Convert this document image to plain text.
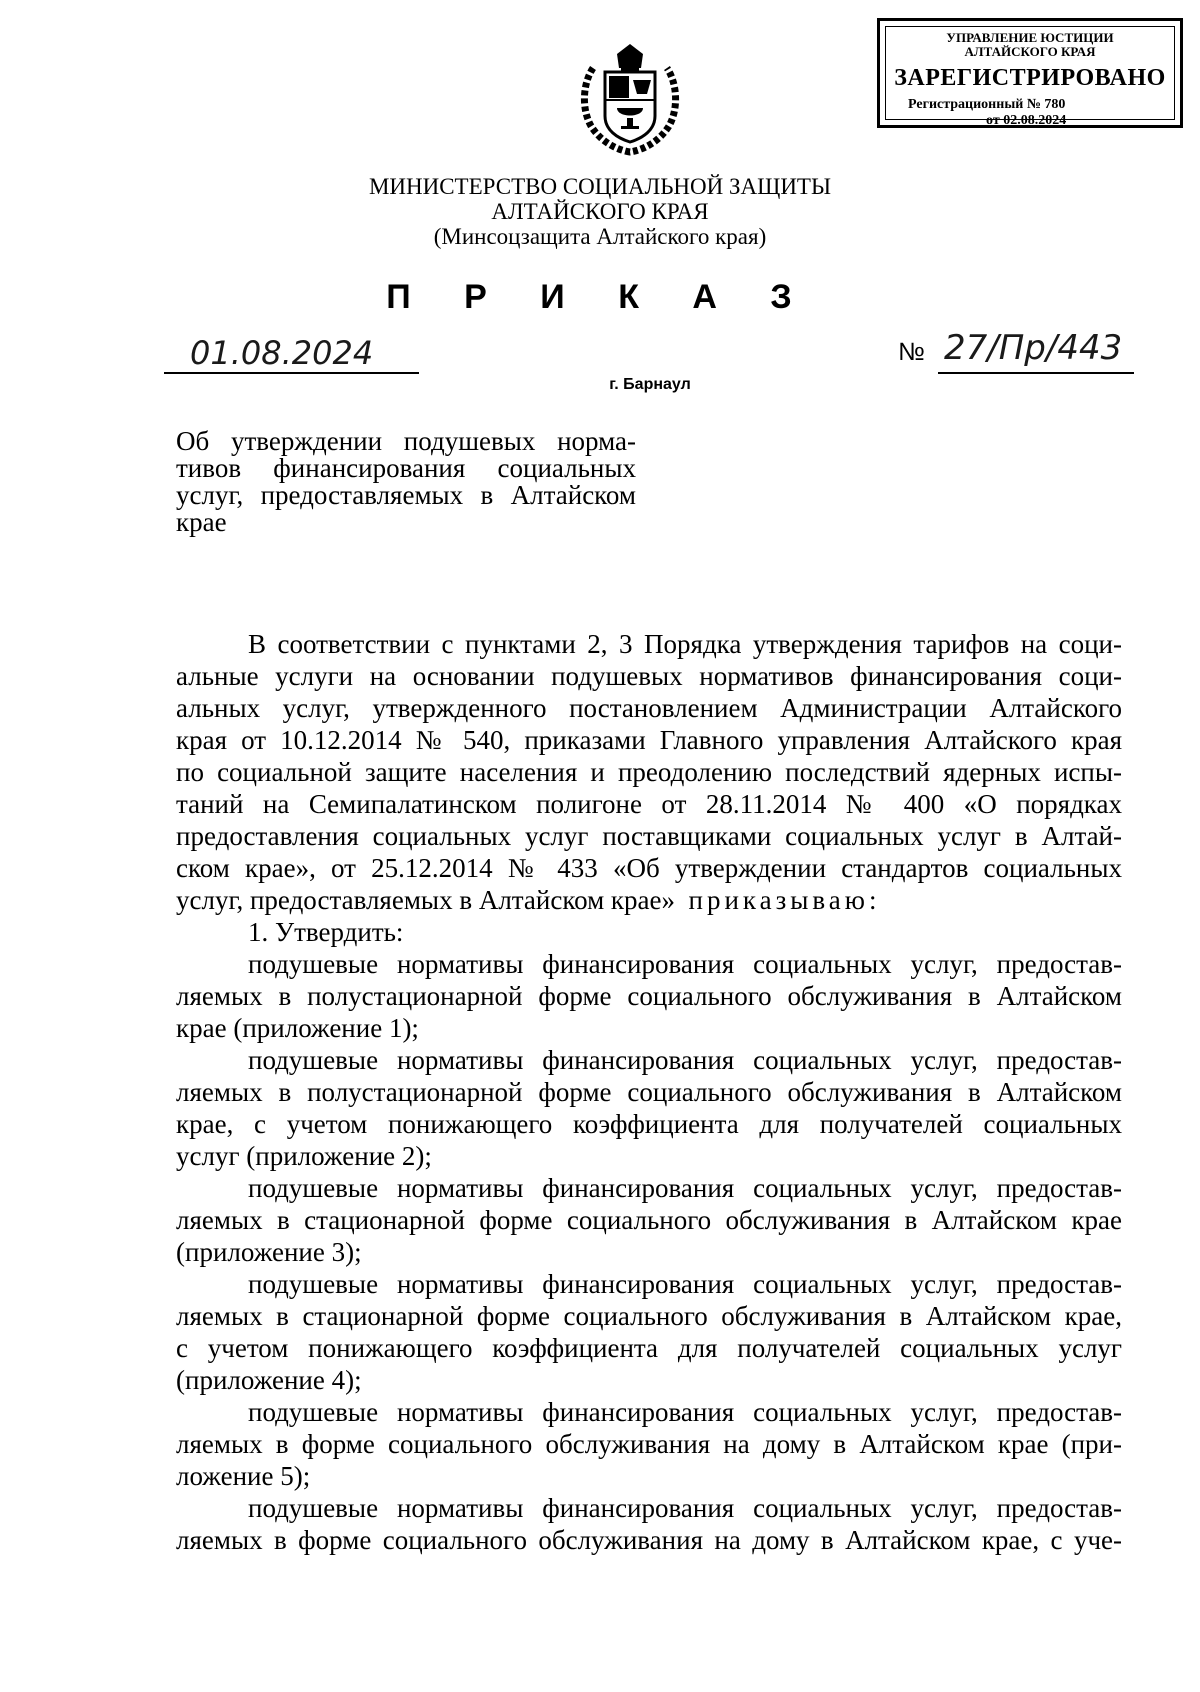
УПРАВЛЕНИЕ ЮСТИЦИИ
АЛТАЙСКОГО КРАЯ
ЗАРЕГИСТРИРОВАНО
Регистрационный № 780
от 02.08.2024
МИНИСТЕРСТВО СОЦИАЛЬНОЙ ЗАЩИТЫ
АЛТАЙСКОГО КРАЯ
(Минсоцзащита Алтайского края)
П Р И К А З
01.08.2024	№ 27/Пр/443
г. Барнаул
Об утверждении подушевых норма-
тивов финансирования социальных
услуг, предоставляемых в Алтайском
крае
В соответствии с пунктами 2, 3 Порядка утверждения тарифов на соци-
альные услуги на основании подушевых нормативов финансирования соци-
альных услуг, утвержденного постановлением Администрации Алтайского
края от 10.12.2014 № 540, приказами Главного управления Алтайского края
по социальной защите населения и преодолению последствий ядерных испы-
таний на Семипалатинском полигоне от 28.11.2014 № 400 «О порядках
предоставления социальных услуг поставщиками социальных услуг в Алтай-
ском крае», от 25.12.2014 № 433 «Об утверждении стандартов социальных
услуг, предоставляемых в Алтайском крае» приказываю:
1. Утвердить:
подушевые нормативы финансирования социальных услуг, предостав-
ляемых в полустационарной форме социального обслуживания в Алтайском
крае (приложение 1);
подушевые нормативы финансирования социальных услуг, предостав-
ляемых в полустационарной форме социального обслуживания в Алтайском
крае, с учетом понижающего коэффициента для получателей социальных
услуг (приложение 2);
подушевые нормативы финансирования социальных услуг, предостав-
ляемых в стационарной форме социального обслуживания в Алтайском крае
(приложение 3);
подушевые нормативы финансирования социальных услуг, предостав-
ляемых в стационарной форме социального обслуживания в Алтайском крае,
с учетом понижающего коэффициента для получателей социальных услуг
(приложение 4);
подушевые нормативы финансирования социальных услуг, предостав-
ляемых в форме социального обслуживания на дому в Алтайском крае (при-
ложение 5);
подушевые нормативы финансирования социальных услуг, предостав-
ляемых в форме социального обслуживания на дому в Алтайском крае, с уче-
